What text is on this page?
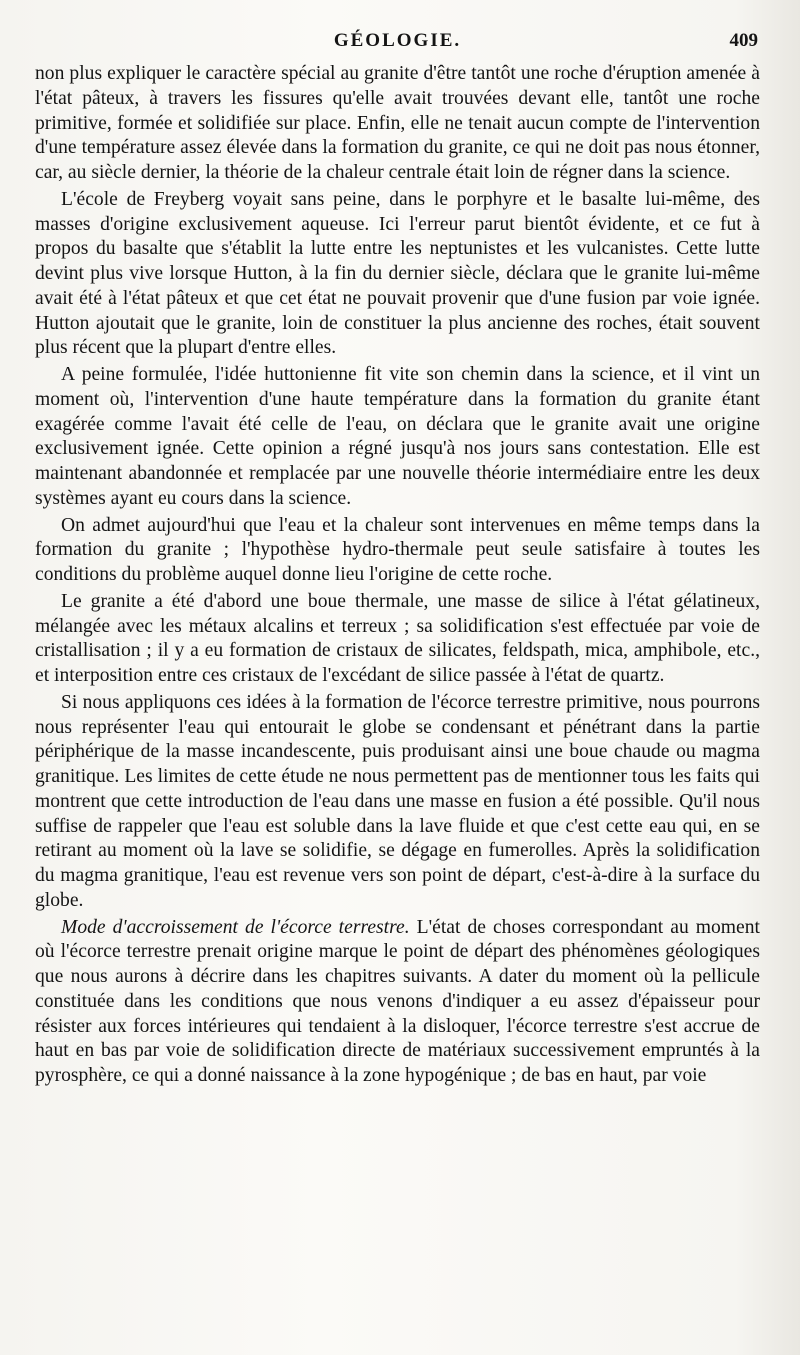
GÉOLOGIE.	409

non plus expliquer le caractère spécial au granite d'être tantôt une roche d'éruption amenée à l'état pâteux, à travers les fissures qu'elle avait trouvées devant elle, tantôt une roche primitive, formée et solidifiée sur place. Enfin, elle ne tenait aucun compte de l'intervention d'une température assez élevée dans la formation du granite, ce qui ne doit pas nous étonner, car, au siècle dernier, la théorie de la chaleur centrale était loin de régner dans la science.

L'école de Freyberg voyait sans peine, dans le porphyre et le basalte lui-même, des masses d'origine exclusivement aqueuse. Ici l'erreur parut bientôt évidente, et ce fut à propos du basalte que s'établit la lutte entre les neptunistes et les vulcanistes. Cette lutte devint plus vive lorsque Hutton, à la fin du dernier siècle, déclara que le granite lui-même avait été à l'état pâteux et que cet état ne pouvait provenir que d'une fusion par voie ignée. Hutton ajoutait que le granite, loin de constituer la plus ancienne des roches, était souvent plus récent que la plupart d'entre elles.

A peine formulée, l'idée huttonienne fit vite son chemin dans la science, et il vint un moment où, l'intervention d'une haute température dans la formation du granite étant exagérée comme l'avait été celle de l'eau, on déclara que le granite avait une origine exclusivement ignée. Cette opinion a régné jusqu'à nos jours sans contestation. Elle est maintenant abandonnée et remplacée par une nouvelle théorie intermédiaire entre les deux systèmes ayant eu cours dans la science.

On admet aujourd'hui que l'eau et la chaleur sont intervenues en même temps dans la formation du granite ; l'hypothèse hydro-thermale peut seule satisfaire à toutes les conditions du problème auquel donne lieu l'origine de cette roche.

Le granite a été d'abord une boue thermale, une masse de silice à l'état gélatineux, mélangée avec les métaux alcalins et terreux ; sa solidification s'est effectuée par voie de cristallisation ; il y a eu formation de cristaux de silicates, feldspath, mica, amphibole, etc., et interposition entre ces cristaux de l'excédant de silice passée à l'état de quartz.

Si nous appliquons ces idées à la formation de l'écorce terrestre primitive, nous pourrons nous représenter l'eau qui entourait le globe se condensant et pénétrant dans la partie périphérique de la masse incandescente, puis produisant ainsi une boue chaude ou magma granitique. Les limites de cette étude ne nous permettent pas de mentionner tous les faits qui montrent que cette introduction de l'eau dans une masse en fusion a été possible. Qu'il nous suffise de rappeler que l'eau est soluble dans la lave fluide et que c'est cette eau qui, en se retirant au moment où la lave se solidifie, se dégage en fumerolles. Après la solidification du magma granitique, l'eau est revenue vers son point de départ, c'est-à-dire à la surface du globe.

Mode d'accroissement de l'écorce terrestre. L'état de choses correspondant au moment où l'écorce terrestre prenait origine marque le point de départ des phénomènes géologiques que nous aurons à décrire dans les chapitres suivants. A dater du moment où la pellicule constituée dans les conditions que nous venons d'indiquer a eu assez d'épaisseur pour résister aux forces intérieures qui tendaient à la disloquer, l'écorce terrestre s'est accrue de haut en bas par voie de solidification directe de matériaux successivement empruntés à la pyrosphère, ce qui a donné naissance à la zone hypogénique ; de bas en haut, par voie
